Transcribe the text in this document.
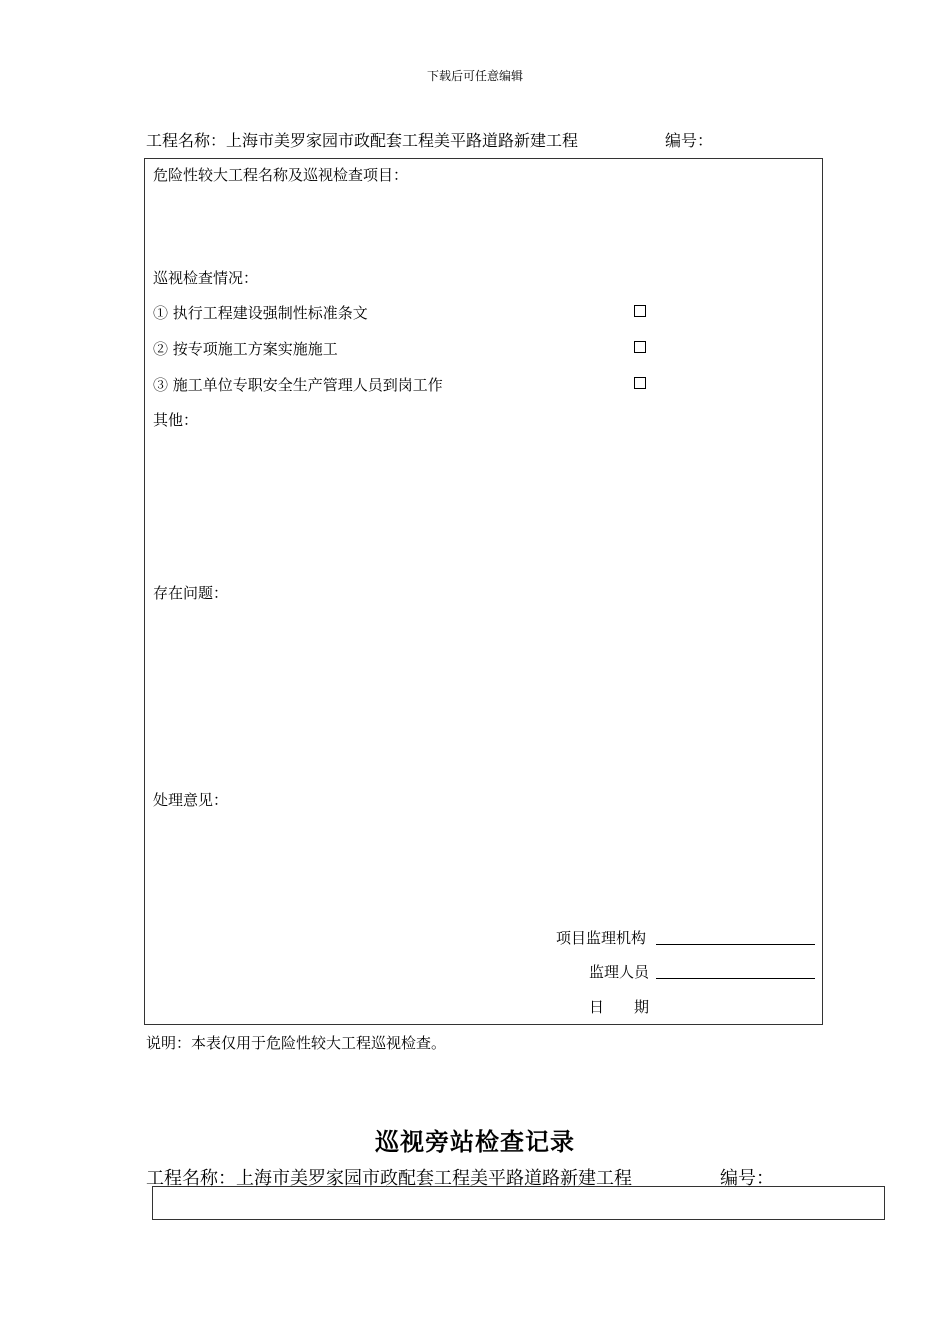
下载后可任意编辑
工程名称：上海市美罗家园市政配套工程美平路道路新建工程	编号：
危险性较大工程名称及巡视检查项目：
巡视检查情况：
① 执行工程建设强制性标准条文
② 按专项施工方案实施施工
③ 施工单位专职安全生产管理人员到岗工作
其他：
存在问题：
处理意见：
项目监理机构
监理人员
日　　期
说明：本表仅用于危险性较大工程巡视检查。
巡视旁站检查记录
工程名称：上海市美罗家园市政配套工程美平路道路新建工程	编号：
